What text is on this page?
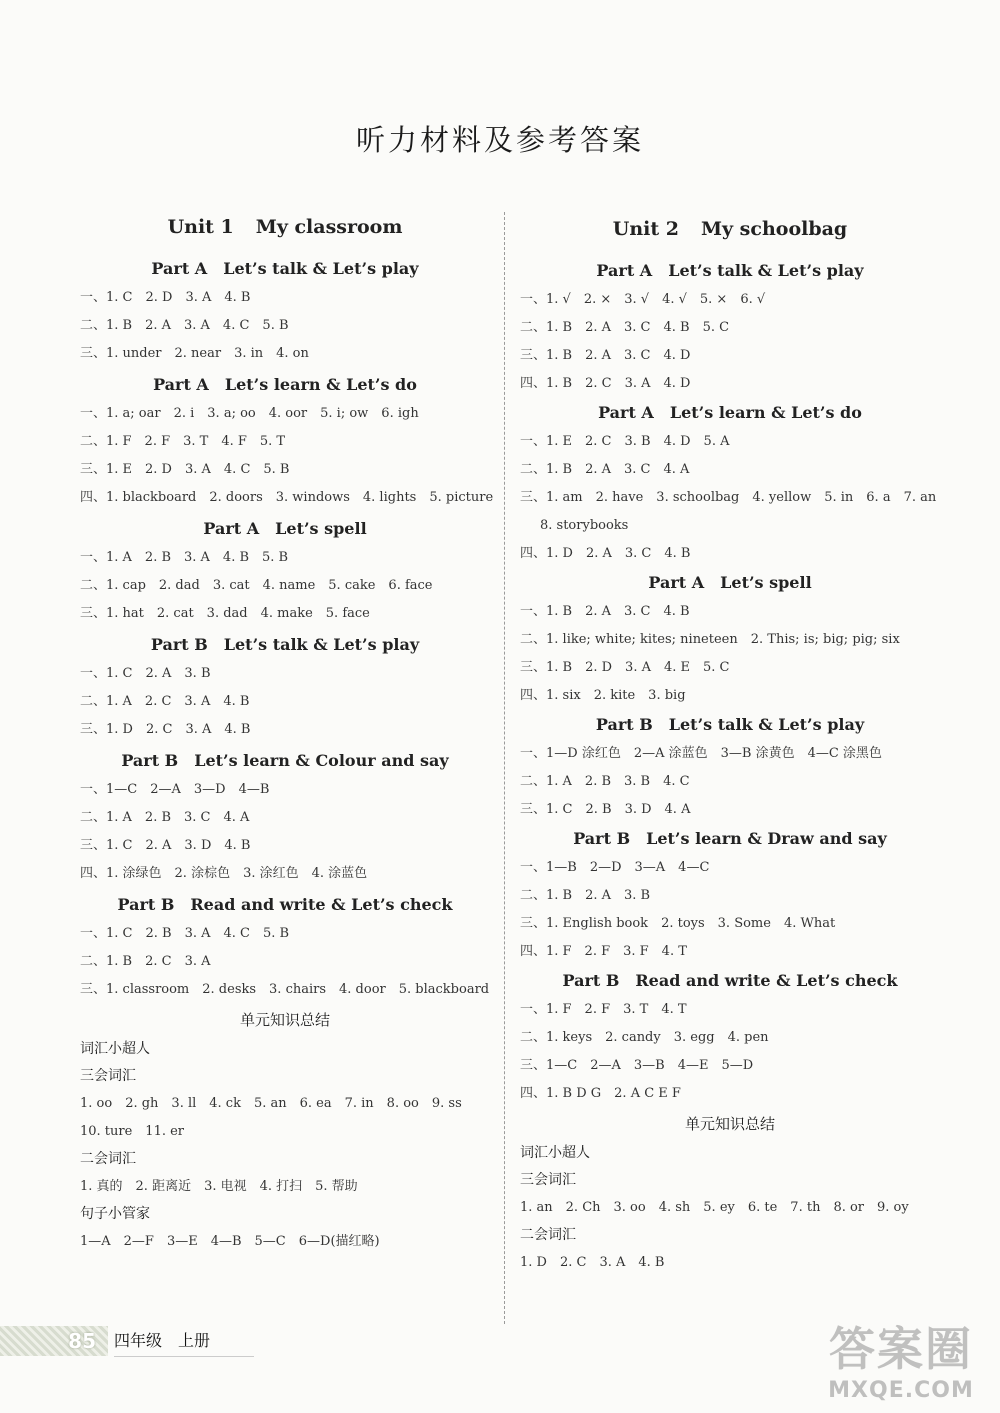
听力材料及参考答案
Unit 1 My classroom
Part A Let’s talk & Let’s play
一、1. C　2. D　3. A　4. B
二、1. B　2. A　3. A　4. C　5. B
三、1. under　2. near　3. in　4. on
Part A Let’s learn & Let’s do
一、1. a; oar　2. i　3. a; oo　4. oor　5. i; ow　6. igh
二、1. F　2. F　3. T　4. F　5. T
三、1. E　2. D　3. A　4. C　5. B
四、1. blackboard　2. doors　3. windows　4. lights　5. picture
Part A Let’s spell
一、1. A　2. B　3. A　4. B　5. B
二、1. cap　2. dad　3. cat　4. name　5. cake　6. face
三、1. hat　2. cat　3. dad　4. make　5. face
Part B Let’s talk & Let’s play
一、1. C　2. A　3. B
二、1. A　2. C　3. A　4. B
三、1. D　2. C　3. A　4. B
Part B Let’s learn & Colour and say
一、1—C　2—A　3—D　4—B
二、1. A　2. B　3. C　4. A
三、1. C　2. A　3. D　4. B
四、1. 涂绿色　2. 涂棕色　3. 涂红色　4. 涂蓝色
Part B Read and write & Let’s check
一、1. C　2. B　3. A　4. C　5. B
二、1. B　2. C　3. A
三、1. classroom　2. desks　3. chairs　4. door　5. blackboard
单元知识总结
词汇小超人
三会词汇
1. oo　2. gh　3. ll　4. ck　5. an　6. ea　7. in　8. oo　9. ss
10. ture　11. er
二会词汇
1. 真的　2. 距离近　3. 电视　4. 打扫　5. 帮助
句子小管家
1—A　2—F　3—E　4—B　5—C　6—D(描红略)
Unit 2 My schoolbag
Part A Let’s talk & Let’s play
一、1. √　2. ×　3. √　4. √　5. ×　6. √
二、1. B　2. A　3. C　4. B　5. C
三、1. B　2. A　3. C　4. D
四、1. B　2. C　3. A　4. D
Part A Let’s learn & Let’s do
一、1. E　2. C　3. B　4. D　5. A
二、1. B　2. A　3. C　4. A
三、1. am　2. have　3. schoolbag　4. yellow　5. in　6. a　7. an
8. storybooks
四、1. D　2. A　3. C　4. B
Part A Let’s spell
一、1. B　2. A　3. C　4. B
二、1. like; white; kites; nineteen　2. This; is; big; pig; six
三、1. B　2. D　3. A　4. E　5. C
四、1. six　2. kite　3. big
Part B Let’s talk & Let’s play
一、1—D 涂红色　2—A 涂蓝色　3—B 涂黄色　4—C 涂黑色
二、1. A　2. B　3. B　4. C
三、1. C　2. B　3. D　4. A
Part B Let’s learn & Draw and say
一、1—B　2—D　3—A　4—C
二、1. B　2. A　3. B
三、1. English book　2. toys　3. Some　4. What
四、1. F　2. F　3. F　4. T
Part B Read and write & Let’s check
一、1. F　2. F　3. T　4. T
二、1. keys　2. candy　3. egg　4. pen
三、1—C　2—A　3—B　4—E　5—D
四、1. B D G　2. A C E F
单元知识总结
词汇小超人
三会词汇
1. an　2. Ch　3. oo　4. sh　5. ey　6. te　7. th　8. or　9. oy
二会词汇
1. D　2. C　3. A　4. B
85	四年级　上册	答案圈
MXQE.COM
